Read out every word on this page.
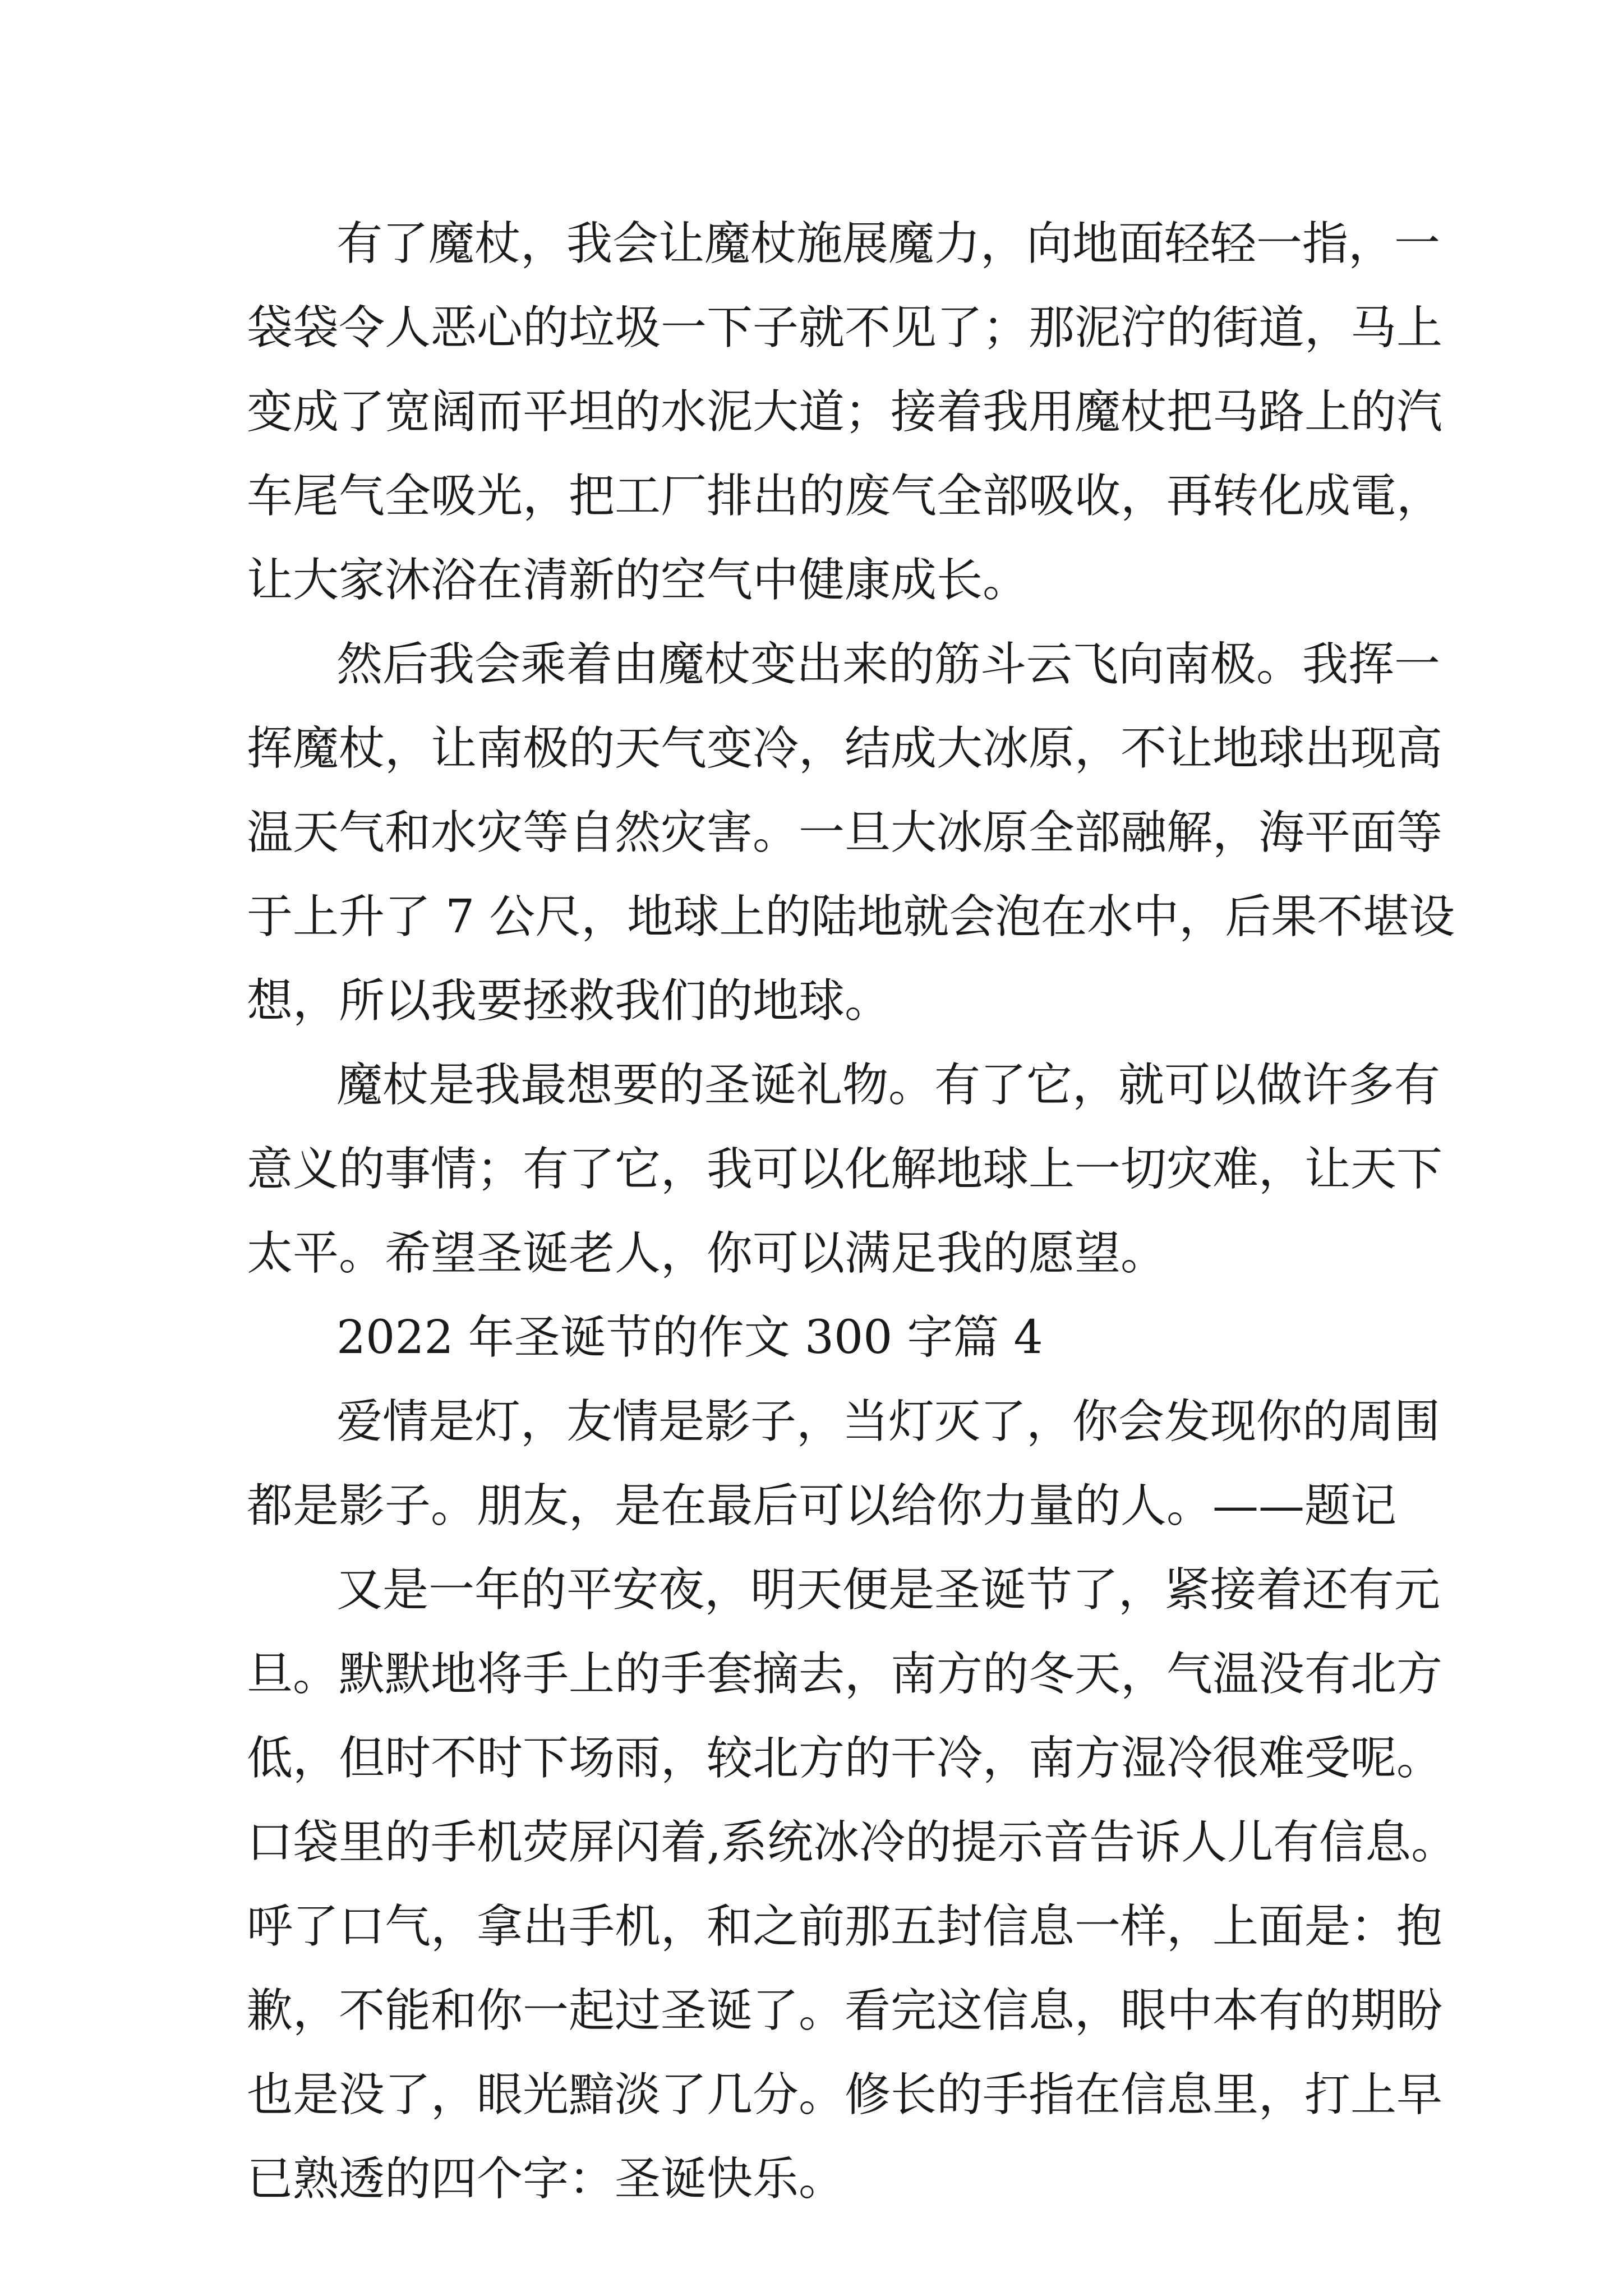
有了魔杖，我会让魔杖施展魔力，向地面轻轻一指，一
袋袋令人恶心的垃圾一下子就不见了；那泥泞的街道，马上
变成了宽阔而平坦的水泥大道；接着我用魔杖把马路上的汽
车尾气全吸光，把工厂排出的废气全部吸收，再转化成電，
让大家沐浴在清新的空气中健康成长。
然后我会乘着由魔杖变出来的筋斗云飞向南极。我挥一
挥魔杖，让南极的天气变冷，结成大冰原，不让地球出现高
温天气和水灾等自然灾害。一旦大冰原全部融解，海平面等
于上升了 7 公尺，地球上的陆地就会泡在水中，后果不堪设
想，所以我要拯救我们的地球。
魔杖是我最想要的圣诞礼物。有了它，就可以做许多有
意义的事情；有了它，我可以化解地球上一切灾难，让天下
太平。希望圣诞老人，你可以满足我的愿望。
2022 年圣诞节的作文 300 字篇 4
爱情是灯，友情是影子，当灯灭了，你会发现你的周围
都是影子。朋友，是在最后可以给你力量的人。——题记
又是一年的平安夜，明天便是圣诞节了，紧接着还有元
旦。默默地将手上的手套摘去，南方的冬天，气温没有北方
低，但时不时下场雨，较北方的干冷，南方湿冷很难受呢。
口袋里的手机荧屏闪着,系统冰冷的提示音告诉人儿有信息。
呼了口气，拿出手机，和之前那五封信息一样，上面是：抱
歉，不能和你一起过圣诞了。看完这信息，眼中本有的期盼
也是没了，眼光黯淡了几分。修长的手指在信息里，打上早
已熟透的四个字：圣诞快乐。
